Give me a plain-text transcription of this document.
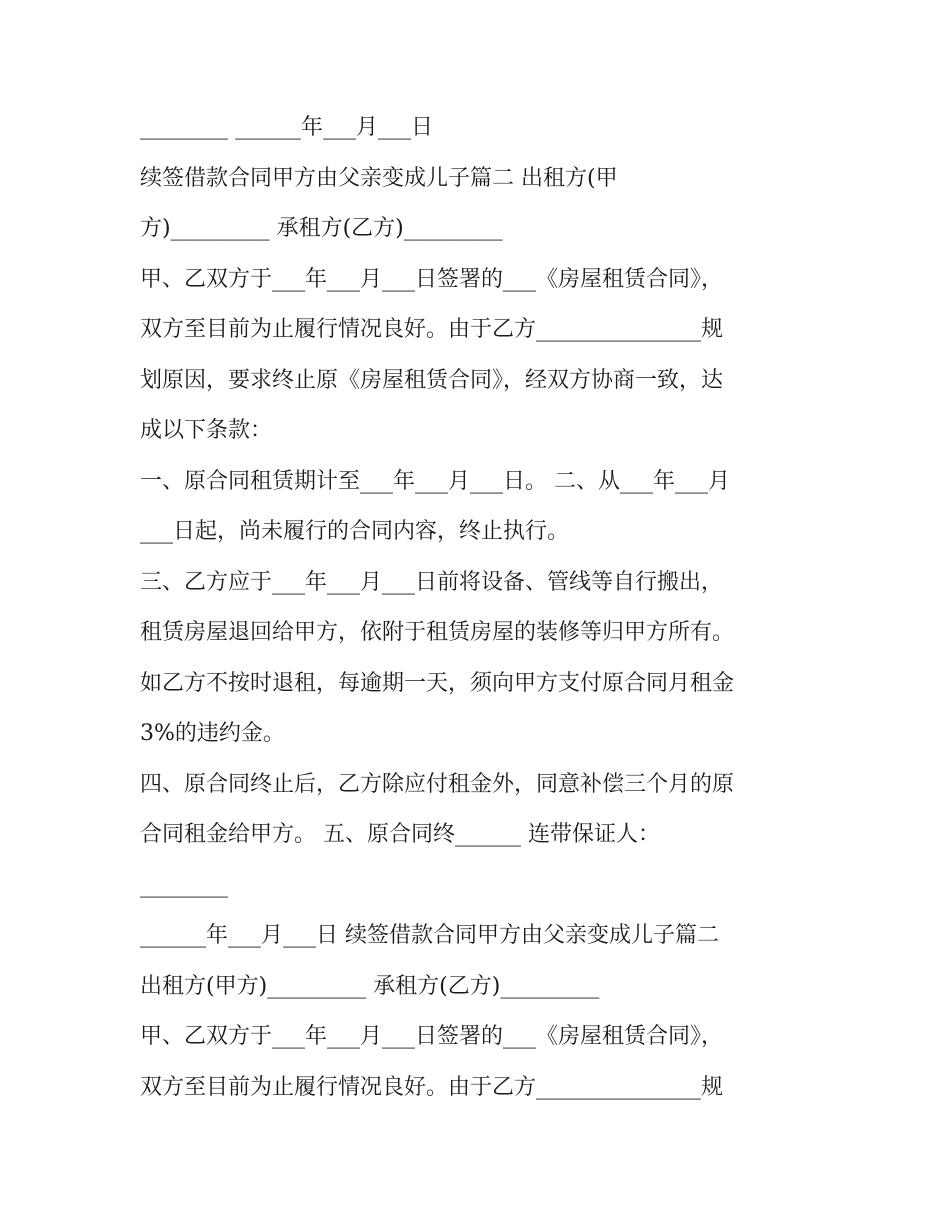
________ ______年___月___日
续签借款合同甲方由父亲变成儿子篇二 出租方(甲
方)_________ 承租方(乙方)_________
甲、乙双方于___年___月___日签署的___《房屋租赁合同》，
双方至目前为止履行情况良好。由于乙方_______________规
划原因，要求终止原《房屋租赁合同》，经双方协商一致，达
成以下条款：
一、原合同租赁期计至___年___月___日。 二、从___年___月
___日起，尚未履行的合同内容，终止执行。
三、乙方应于___年___月___日前将设备、管线等自行搬出，
租赁房屋退回给甲方，依附于租赁房屋的装修等归甲方所有。
如乙方不按时退租，每逾期一天，须向甲方支付原合同月租金
3%的违约金。
四、原合同终止后，乙方除应付租金外，同意补偿三个月的原
合同租金给甲方。 五、原合同终______ 连带保证人：
________
______年___月___日 续签借款合同甲方由父亲变成儿子篇二
出租方(甲方)_________ 承租方(乙方)_________
甲、乙双方于___年___月___日签署的___《房屋租赁合同》，
双方至目前为止履行情况良好。由于乙方_______________规
